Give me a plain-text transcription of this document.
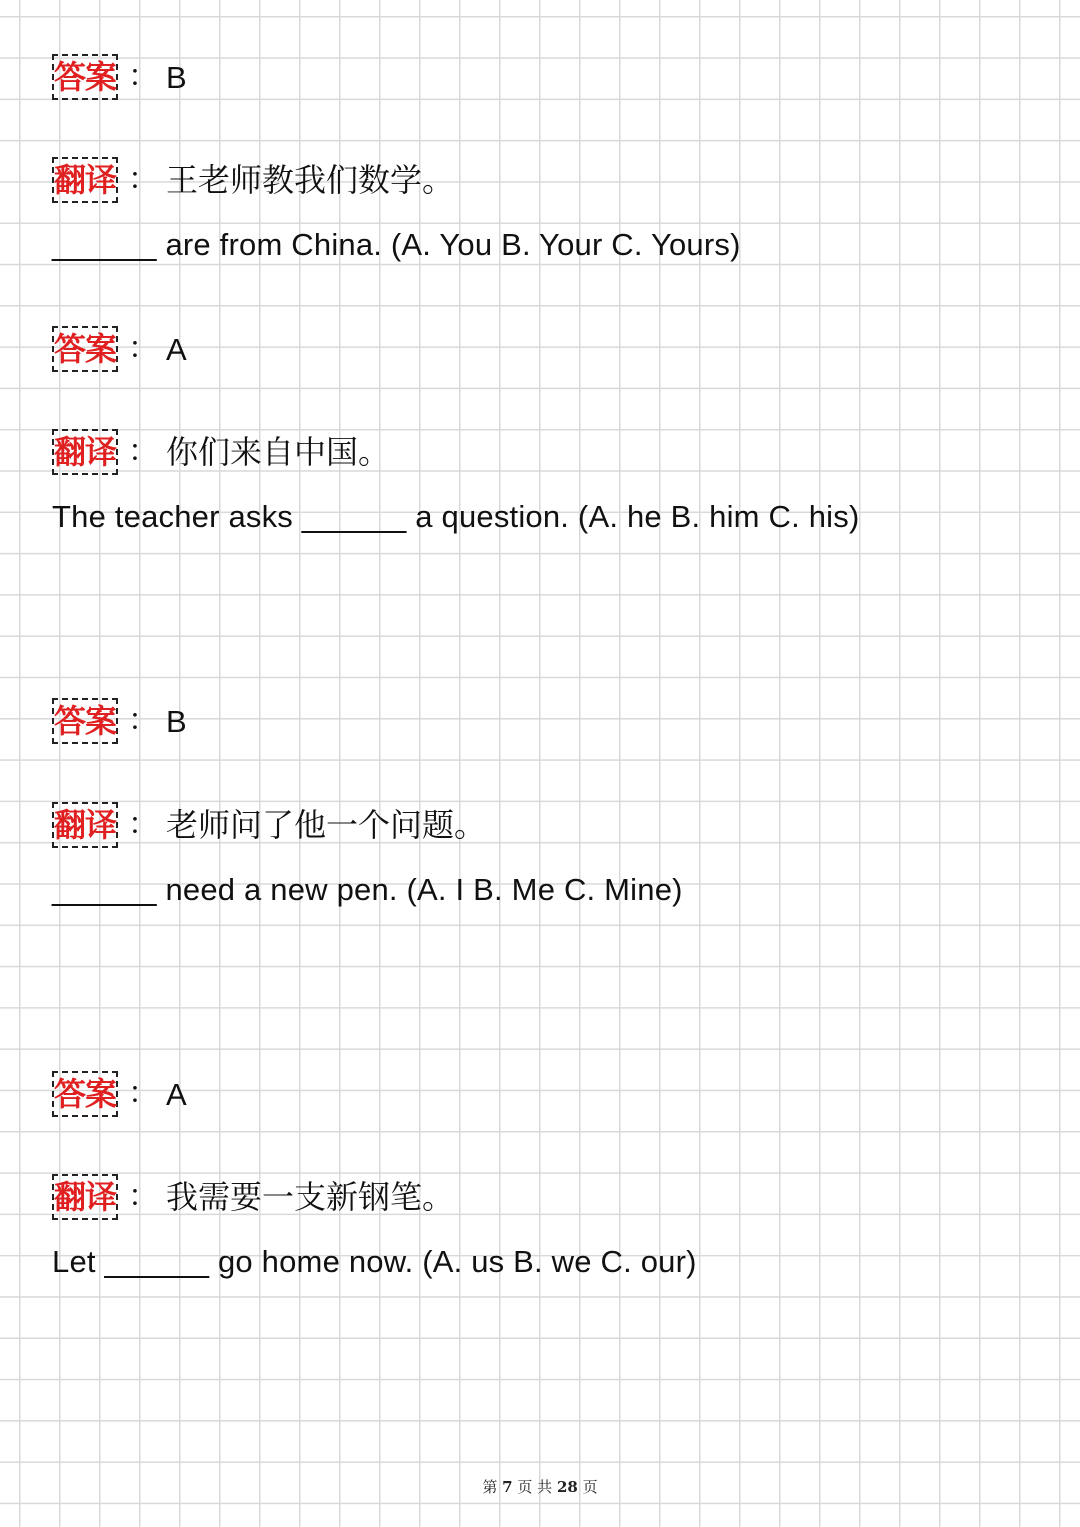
答案 ： B
翻译 ： 王老师教我们数学。
______ are from China. (A. You B. Your C. Yours)
答案 ： A
翻译 ： 你们来自中国。
The teacher asks ______ a question. (A. he B. him C. his)
答案 ： B
翻译 ： 老师问了他一个问题。
______ need a new pen. (A. I B. Me C. Mine)
答案 ： A
翻译 ： 我需要一支新钢笔。
Let ______ go home now. (A. us B. we C. our)
第 7 页 共 28 页
